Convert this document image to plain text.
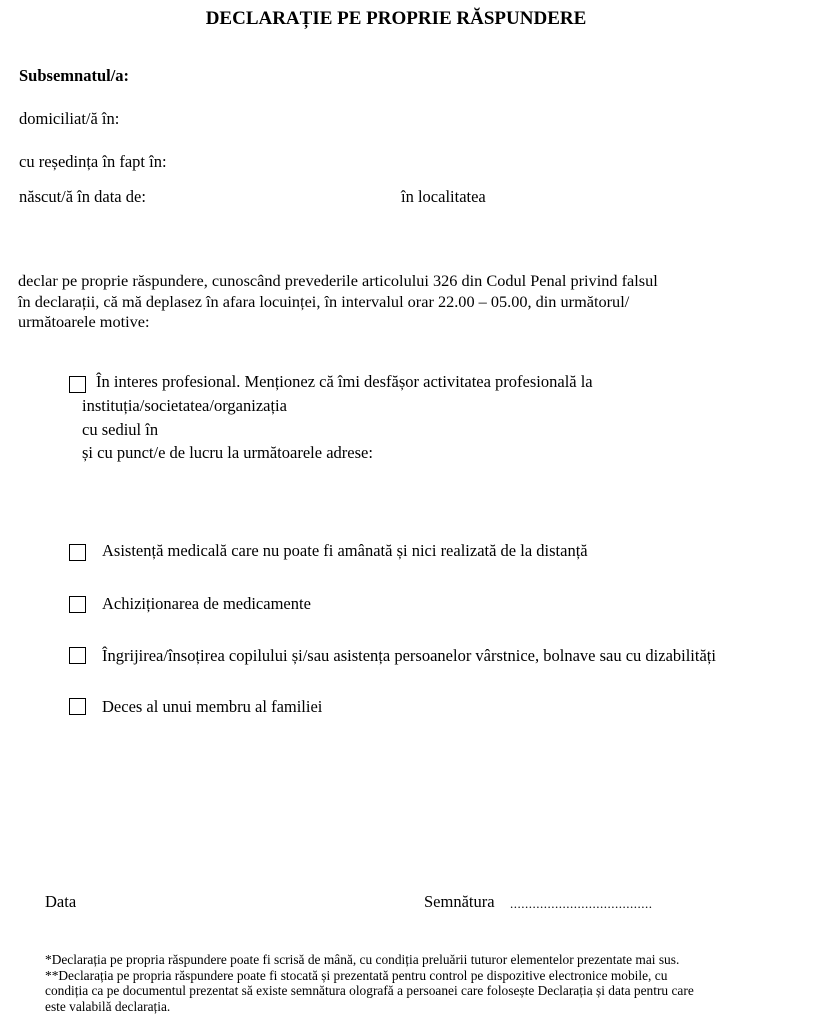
DECLARAȚIE PE PROPRIE RĂSPUNDERE
Subsemnatul/a:
domiciliat/ă în:
cu reședința în fapt în:
născut/ă în data de:	în localitatea
declar pe proprie răspundere, cunoscând prevederile articolului 326 din Codul Penal privind falsul
în declarații, că mă deplasez în afara locuinței, în intervalul orar 22.00 – 05.00, din următorul/
următoarele motive:
În interes profesional. Menționez că îmi desfășor activitatea profesională la
instituția/societatea/organizația
cu sediul în
și cu punct/e de lucru la următoarele adrese:
Asistență medicală care nu poate fi amânată și nici realizată de la distanță
Achiziționarea de medicamente
Îngrijirea/însoțirea copilului și/sau asistența persoanelor vârstnice, bolnave sau cu dizabilități
Deces al unui membru al familiei
Data	Semnătura ......................................
*Declarația pe propria răspundere poate fi scrisă de mână, cu condiția preluării tuturor elementelor prezentate mai sus.
**Declarația pe propria răspundere poate fi stocată și prezentată pentru control pe dispozitive electronice mobile, cu
condiția ca pe documentul prezentat să existe semnătura olografă a persoanei care folosește Declarația și data pentru care
este valabilă declarația.
